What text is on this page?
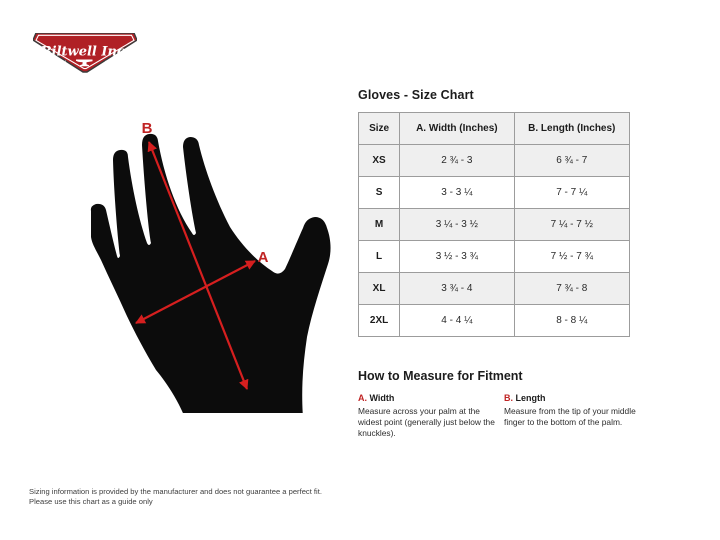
Biltwell Inc.
"QUALITY	COUNTS"
B
A
Gloves - Size Chart
Size	A. Width (Inches)	B. Length (Inches)
XS	2 ¾ - 3	6 ¾ - 7
S	3 - 3 ¼	7 - 7 ¼
M	3 ¼ - 3 ½	7 ¼ - 7 ½
L	3 ½ - 3 ¾	7 ½ - 7 ¾
XL	3 ¾ - 4	7 ¾ - 8
2XL	4 - 4 ¼	8 - 8 ¼
How to Measure for Fitment
A. Width

Measure across your palm at the widest point (generally just below the knuckles).

B. Length

Measure from the tip of your middle finger to the bottom of the palm.

Sizing information is provided by the manufacturer and does not guarantee a perfect fit.
Please use this chart as a guide only
